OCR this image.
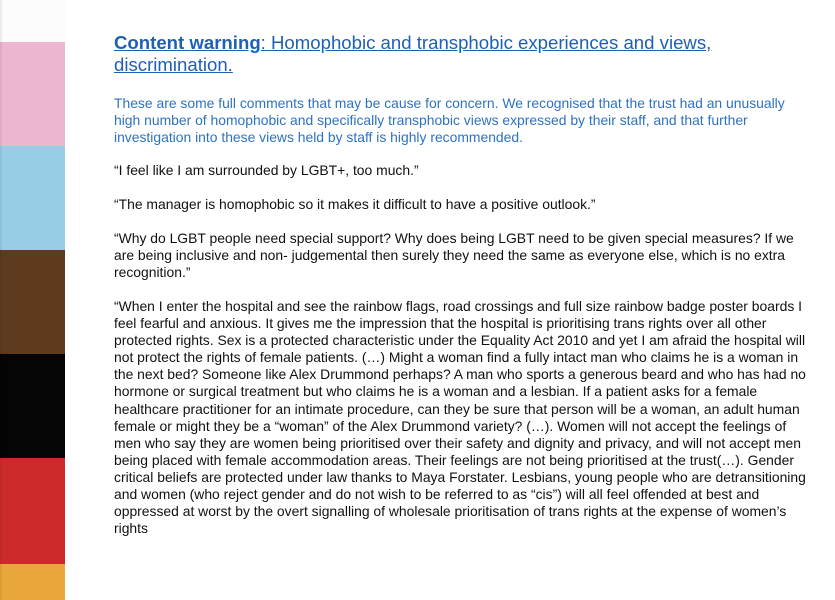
Content warning: Homophobic and transphobic experiences and views, discrimination.

These are some full comments that may be cause for concern. We recognised that the trust had an unusually high number of homophobic and specifically transphobic views expressed by their staff, and that further investigation into these views held by staff is highly recommended.

“I feel like I am surrounded by LGBT+, too much.”

“The manager is homophobic so it makes it difficult to have a positive outlook.”

“Why do LGBT people need special support? Why does being LGBT need to be given special measures? If we are being inclusive and non- judgemental then surely they need the same as everyone else, which is no extra recognition.”

“When I enter the hospital and see the rainbow flags, road crossings and full size rainbow badge poster boards I feel fearful and anxious. It gives me the impression that the hospital is prioritising trans rights over all other protected rights. Sex is a protected characteristic under the Equality Act 2010 and yet I am afraid the hospital will not protect the rights of female patients. (…) Might a woman find a fully intact man who claims he is a woman in the next bed? Someone like Alex Drummond perhaps? A man who sports a generous beard and who has had no hormone or surgical treatment but who claims he is a woman and a lesbian. If a patient asks for a female healthcare practitioner for an intimate procedure, can they be sure that person will be a woman, an adult human female or might they be a “woman” of the Alex Drummond variety? (…). Women will not accept the feelings of men who say they are women being prioritised over their safety and dignity and privacy, and will not accept men being placed with female accommodation areas. Their feelings are not being prioritised at the trust(…). Gender critical beliefs are protected under law thanks to Maya Forstater. Lesbians, young people who are detransitioning and women (who reject gender and do not wish to be referred to as “cis”) will all feel offended at best and oppressed at worst by the overt signalling of wholesale prioritisation of trans rights at the expense of women’s rights
